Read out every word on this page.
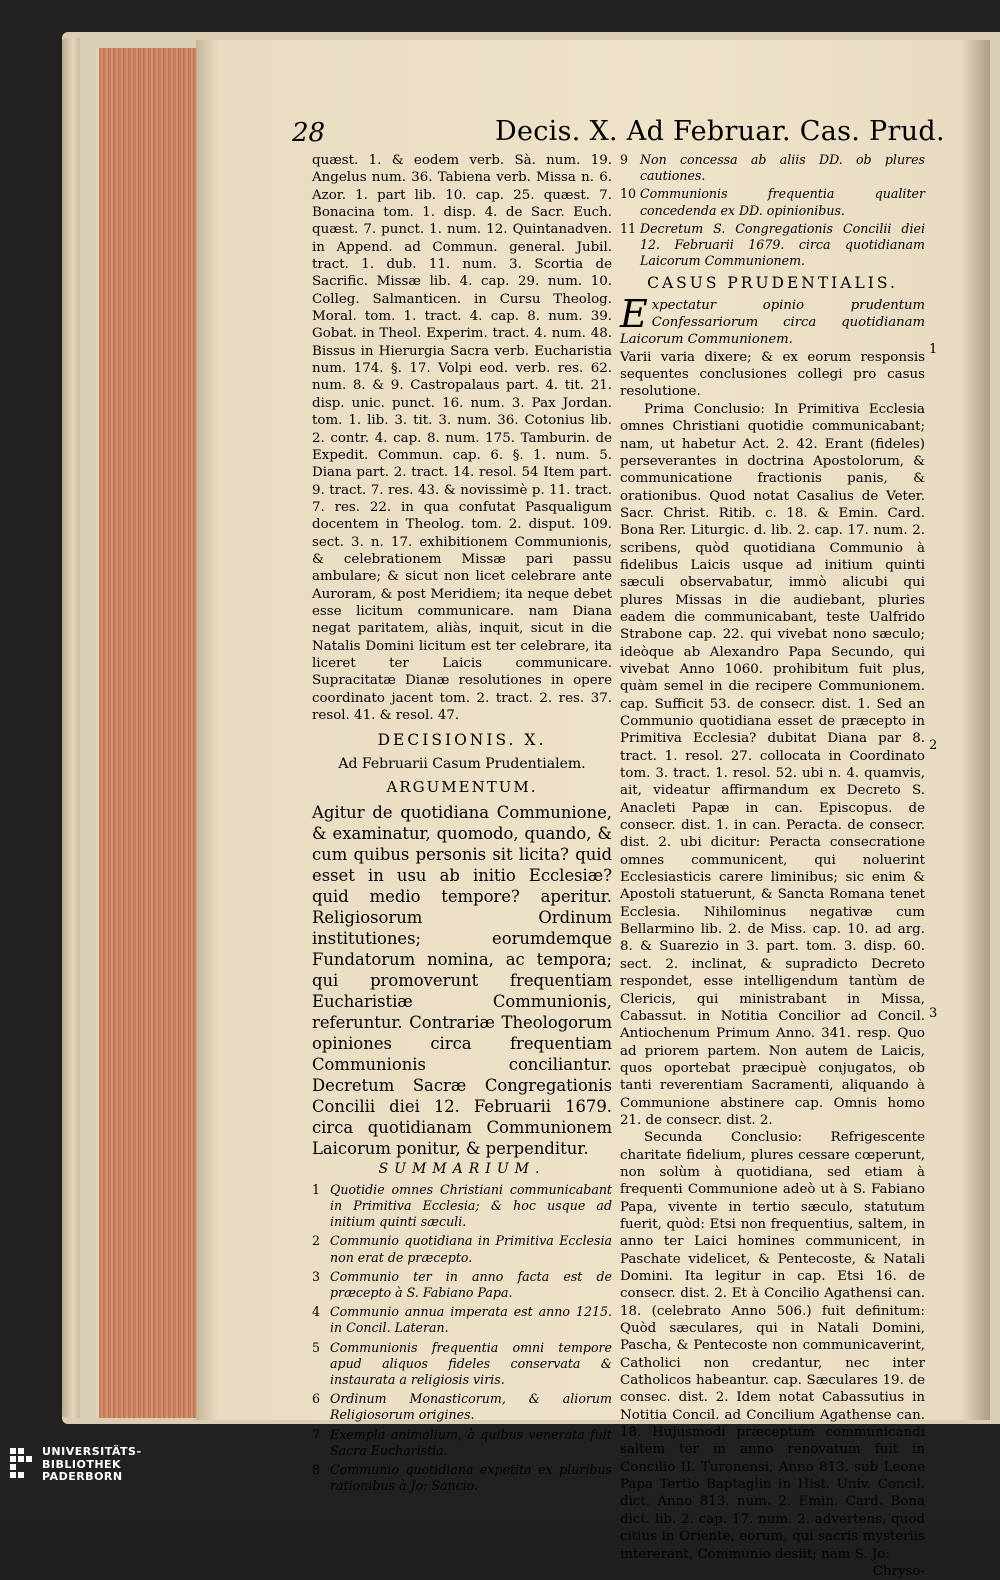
28	Decis. X. Ad Februar. Cas. Prud.

quæst. 1. & eodem verb. Sà. num. 19. Angelus num. 36. Tabiena verb. Missa n. 6. Azor. 1. part lib. 10. cap. 25. quæst. 7. Bonacina tom. 1. disp. 4. de Sacr. Euch. quæst. 7. punct. 1. num. 12. Quintanadven. in Append. ad Commun. general. Jubil. tract. 1. dub. 11. num. 3. Scortia de Sacrific. Missæ lib. 4. cap. 29. num. 10. Colleg. Salmanticen. in Cursu Theolog. Moral. tom. 1. tract. 4. cap. 8. num. 39. Gobat. in Theol. Experim. tract. 4. num. 48. Bissus in Hierurgia Sacra verb. Eucharistia num. 174. §. 17. Volpi eod. verb. res. 62. num. 8. & 9. Castropalaus part. 4. tit. 21. disp. unic. punct. 16. num. 3. Pax Jordan. tom. 1. lib. 3. tit. 3. num. 36. Cotonius lib. 2. contr. 4. cap. 8. num. 175. Tamburin. de Expedit. Commun. cap. 6. §. 1. num. 5. Diana part. 2. tract. 14. resol. 54 Item part. 9. tract. 7. res. 43. & novissimè p. 11. tract. 7. res. 22. in qua confutat Pasqualigum docentem in Theolog. tom. 2. disput. 109. sect. 3. n. 17. exhibitionem Communionis, & celebrationem Missæ pari passu ambulare; & sicut non licet celebrare ante Auroram, & post Meridiem; ita neque debet esse licitum communicare. nam Diana negat paritatem, aliàs, inquit, sicut in die Natalis Domini licitum est ter celebrare, ita liceret ter Laicis communicare. Supracitatæ Dianæ resolutiones in opere coordinato jacent tom. 2. tract. 2. res. 37. resol. 41. & resol. 47.

DECISIONIS. X.
Ad Februarii Casum Prudentialem.
ARGUMENTUM.

Agitur de quotidiana Communione, & examinatur, quomodo, quando, & cum quibus personis sit licita? quid esset in usu ab initio Ecclesiæ? quid medio tempore? aperitur. Religiosorum Ordinum institutiones; eorumdemque Fundatorum nomina, ac tempora; qui promoverunt frequentiam Eucharistiæ Communionis, referuntur. Contrariæ Theologorum opiniones circa frequentiam Communionis conciliantur. Decretum Sacræ Congregationis Concilii diei 12. Februarii 1679. circa quotidianam Communionem Laicorum ponitur, & perpenditur.

SUMMARIUM.
1 Quotidie omnes Christiani communicabant in Primitiva Ecclesia; & hoc usque ad initium quinti sæculi.
2 Communio quotidiana in Primitiva Ecclesia non erat de præcepto.
3 Communio ter in anno facta est de præcepto à S. Fabiano Papa.
4 Communio annua imperata est anno 1215. in Concil. Lateran.
5 Communionis frequentia omni tempore apud aliquos fideles conservata & instaurata a religiosis viris.
6 Ordinum Monasticorum, & aliorum Religiosorum origines.
7 Exempla animalium, à quibus venerata fuit Sacra Eucharistia.
8 Communio quotidiana expetita ex pluribus rationibus à Jo: Sancio.
9 Non concessa ab aliis DD. ob plures cautiones.
10 Communionis frequentia qualiter concedenda ex DD. opinionibus.
11 Decretum S. Congregationis Concilii diei 12. Februarii 1679. circa quotidianam Laicorum Communionem.
CASUS PRUDENTIALIS.

Expectatur opinio prudentum Confessariorum circa quotidianam Laicorum Communionem.

Varii varia dixere; & ex eorum responsis sequentes conclusiones collegi pro casus resolutione.

Prima Conclusio: In Primitiva Ecclesia omnes Christiani quotidie communicabant; nam, ut habetur Act. 2. 42. Erant (fideles) perseverantes in doctrina Apostolorum, & communicatione fractionis panis, & orationibus. Quod notat Casalius de Veter. Sacr. Christ. Ritib. c. 18. & Emin. Card. Bona Rer. Liturgic. d. lib. 2. cap. 17. num. 2. scribens, quòd quotidiana Communio à fidelibus Laicis usque ad initium quinti sæculi observabatur, immò alicubi qui plures Missas in die audiebant, pluries eadem die communicabant, teste Ualfrido Strabone cap. 22. qui vivebat nono sæculo; ideòque ab Alexandro Papa Secundo, qui vivebat Anno 1060. prohibitum fuit plus, quàm semel in die recipere Communionem. cap. Sufficit 53. de consecr. dist. 1. Sed an Communio quotidiana esset de præcepto in Primitiva Ecclesia? dubitat Diana par 8. tract. 1. resol. 27. collocata in Coordinato tom. 3. tract. 1. resol. 52. ubi n. 4. quamvis, ait, videatur affirmandum ex Decreto S. Anacleti Papæ in can. Episcopus. de consecr. dist. 1. in can. Peracta. de consecr. dist. 2. ubi dicitur: Peracta consecratione omnes communicent, qui noluerint Ecclesiasticis carere liminibus; sic enim & Apostoli statuerunt, & Sancta Romana tenet Ecclesia. Nihilominus negativæ cum Bellarmino lib. 2. de Miss. cap. 10. ad arg. 8. & Suarezio in 3. part. tom. 3. disp. 60. sect. 2. inclinat, & supradicto Decreto respondet, esse intelligendum tantùm de Clericis, qui ministrabant in Missa, Cabassut. in Notitia Concilior ad Concil. Antiochenum Primum Anno. 341. resp. Quo ad priorem partem. Non autem de Laicis, quos oportebat præcipuè conjugatos, ob tanti reverentiam Sacramenti, aliquando à Communione abstinere cap. Omnis homo 21. de consecr. dist. 2.

Secunda Conclusio: Refrigescente charitate fidelium, plures cessare cœperunt, non solùm à quotidiana, sed etiam à frequenti Communione adeò ut à S. Fabiano Papa, vivente in tertio sæculo, statutum fuerit, quòd: Etsi non frequentius, saltem, in anno ter Laici homines communicent, in Paschate videlicet, & Pentecoste, & Natali Domini. Ita legitur in cap. Etsi 16. de consecr. dist. 2. Et à Concilio Agathensi can. 18. (celebrato Anno 506.) fuit definitum: Quòd sæculares, qui in Natali Domini, Pascha, & Pentecoste non communicaverint, Catholici non credantur, nec inter Catholicos habeantur. cap. Sæculares 19. de consec. dist. 2. Idem notat Cabassutius in Notitia Concil. ad Concilium Agathense can. 18. Hujusmodi præceptum communicandi saltem ter in anno renovatum fuit in Concilio II. Turonensi, Anno 813. sub Leone Papa Tertio Baptaglin in Hist. Univ. Concil. dict. Anno 813. num. 2. Emin. Card. Bona dict. lib. 2. cap. 17. num. 2. advertens, quod citius in Oriente, eorum, qui sacris mysteriis intererant, Communio desiit; nam S. Jo:

Chryso-

1
2
3
UNIVERSITÄTS-
BIBLIOTHEK
PADERBORN
